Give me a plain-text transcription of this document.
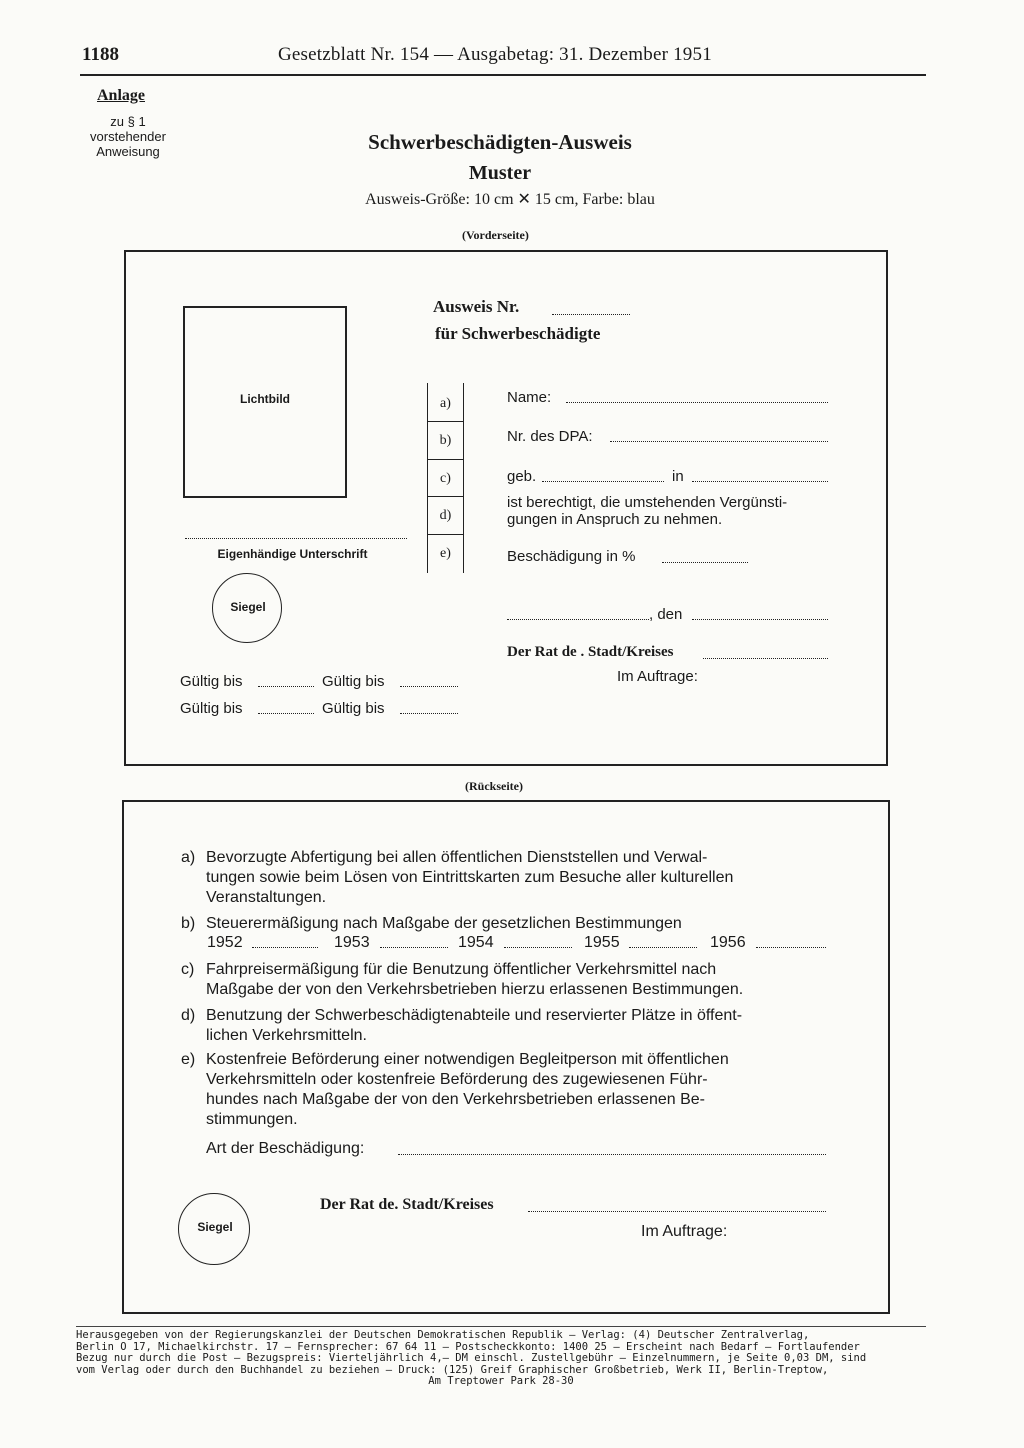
1188	Gesetzblatt Nr. 154 — Ausgabetag: 31. Dezember 1951
Anlage
zu § 1
vorstehender
Anweisung	Schwerbeschädigten-Ausweis
Muster
Ausweis-Größe: 10 cm ✕ 15 cm, Farbe: blau
(Vorderseite)
Lichtbild
Eigenhändige Unterschrift
Siegel
Gültig bis	Gültig bis
Gültig bis	Gültig bis
Ausweis Nr.
für Schwerbeschädigte
a)
b)
c)
d)
e)
Name:
Nr. des DPA:
geb.	in
ist berechtigt, die umstehenden Vergünsti-
gungen in Anspruch zu nehmen.
Beschädigung in %
, den
Der Rat de . Stadt/Kreises
Im Auftrage:
(Rückseite)
a) Bevorzugte Abfertigung bei allen öffentlichen Dienststellen und Verwal-
tungen sowie beim Lösen von Eintrittskarten zum Besuche aller kulturellen
Veranstaltungen.
b) Steuerermäßigung nach Maßgabe der gesetzlichen Bestimmungen
1952	1953	1954	1955	1956
c) Fahrpreisermäßigung für die Benutzung öffentlicher Verkehrsmittel nach
Maßgabe der von den Verkehrsbetrieben hierzu erlassenen Bestimmungen.
d) Benutzung der Schwerbeschädigtenabteile und reservierter Plätze in öffent-
lichen Verkehrsmitteln.
e) Kostenfreie Beförderung einer notwendigen Begleitperson mit öffentlichen
Verkehrsmitteln oder kostenfreie Beförderung des zugewiesenen Führ-
hundes nach Maßgabe der von den Verkehrsbetrieben erlassenen Be-
stimmungen.
Art der Beschädigung:
Siegel
Der Rat de. Stadt/Kreises
Im Auftrage:
Herausgegeben von der Regierungskanzlei der Deutschen Demokratischen Republik — Verlag: (4) Deutscher Zentralverlag,
Berlin O 17, Michaelkirchstr. 17 — Fernsprecher: 67 64 11 — Postscheckkonto: 1400 25 — Erscheint nach Bedarf — Fortlaufender
Bezug nur durch die Post — Bezugspreis: Vierteljährlich 4,— DM einschl. Zustellgebühr — Einzelnummern, je Seite 0,03 DM, sind
vom Verlag oder durch den Buchhandel zu beziehen — Druck: (125) Greif Graphischer Großbetrieb, Werk II, Berlin-Treptow,
Am Treptower Park 28-30
